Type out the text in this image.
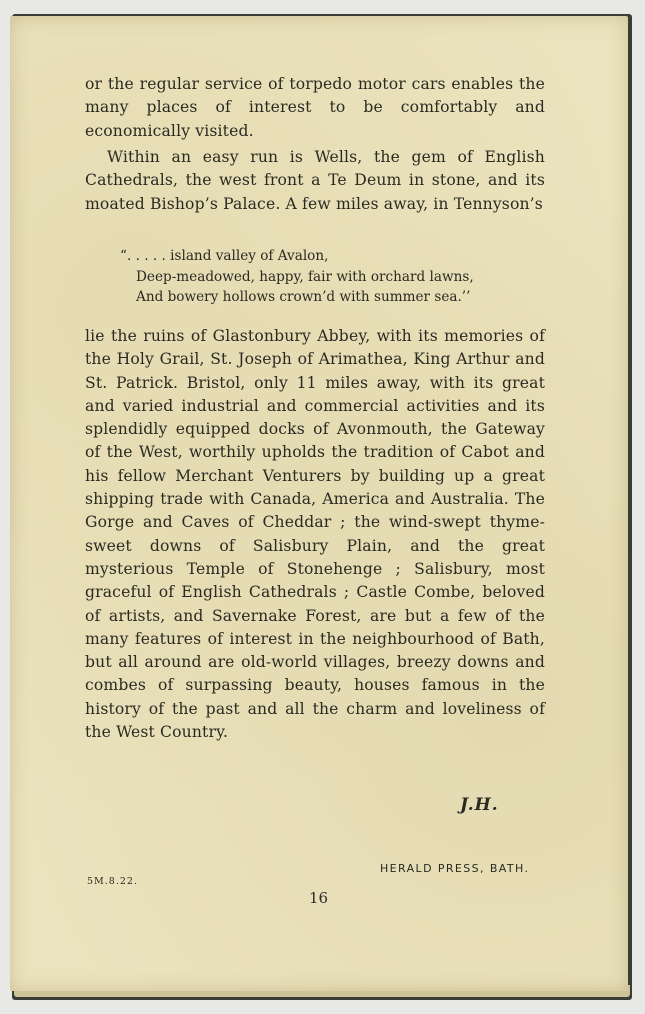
or the regular service of torpedo motor cars enables the many places of interest to be comfortably and economically visited.

Within an easy run is Wells, the gem of English Cathedrals, the west front a Te Deum in stone, and its moated Bishop’s Palace. A few miles away, in Tennyson’s

“. . . . . island valley of Avalon,
Deep-meadowed, happy, fair with orchard lawns,
And bowery hollows crown’d with summer sea.’’

lie the ruins of Glastonbury Abbey, with its memories of the Holy Grail, St. Joseph of Arimathea, King Arthur and St. Patrick. Bristol, only 11 miles away, with its great and varied industrial and commercial activities and its splendidly equipped docks of Avonmouth, the Gateway of the West, worthily upholds the tradition of Cabot and his fellow Merchant Venturers by building up a great shipping trade with Canada, America and Australia. The Gorge and Caves of Cheddar ; the wind-swept thyme-sweet downs of Salisbury Plain, and the great mysterious Temple of Stonehenge ; Salisbury, most graceful of English Cathedrals ; Castle Combe, beloved of artists, and Savernake Forest, are but a few of the many features of interest in the neighbourhood of Bath, but all around are old-world villages, breezy downs and combes of surpassing beauty, houses famous in the history of the past and all the charm and loveliness of the West Country.

J.H.
HERALD PRESS, BATH.
5M.8.22.
16
